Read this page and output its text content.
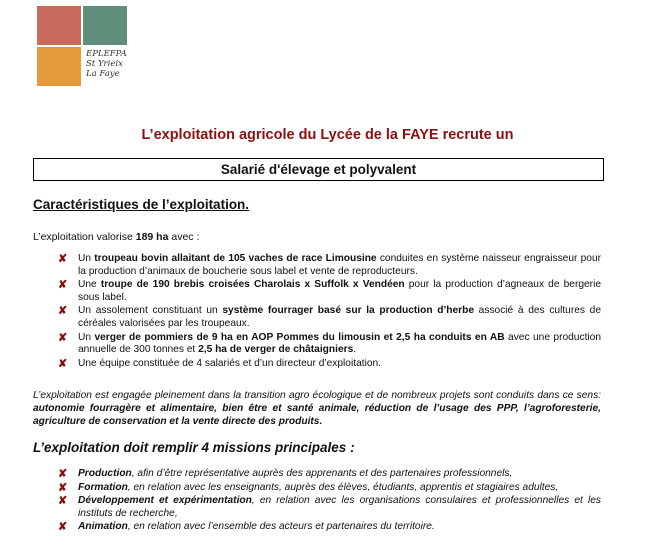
EPLEFPA
St Yrieix
La Faye
L’exploitation agricole du Lycée de la FAYE recrute un
Salarié d'élevage et polyvalent
Caractéristiques de l’exploitation.
L’exploitation valorise 189 ha avec :
✘ Un troupeau bovin allaitant de 105 vaches de race Limousine conduites en système naisseur engraisseur pour la production d’animaux de boucherie sous label et vente de reproducteurs.
✘ Une troupe de 190 brebis croisées Charolais x Suffolk x Vendéen pour la production d’agneaux de bergerie sous label.
✘ Un assolement constituant un système fourrager basé sur la production d’herbe associé à des cultures de céréales valorisées par les troupeaux.
✘ Un verger de pommiers de 9 ha en AOP Pommes du limousin et 2,5 ha conduits en AB avec une production annuelle de 300 tonnes et 2,5 ha de verger de châtaigniers.
✘ Une équipe constituée de 4 salariés et d’un directeur d’exploitation.
L’exploitation est engagée pleinement dans la transition agro écologique et de nombreux projets sont conduits dans ce sens: autonomie fourragère et alimentaire, bien être et santé animale, réduction de l’usage des PPP, l’agroforesterie, agriculture de conservation et la vente directe des produits.
L’exploitation doit remplir 4 missions principales :
✘ Production, afin d’être représentative auprès des apprenants et des partenaires professionnels,
✘ Formation, en relation avec les enseignants, auprès des élèves, étudiants, apprentis et stagiaires adultes,
✘ Développement et expérimentation, en relation avec les organisations consulaires et professionnelles et les instituts de recherche,
✘ Animation, en relation avec l’ensemble des acteurs et partenaires du territoire.
